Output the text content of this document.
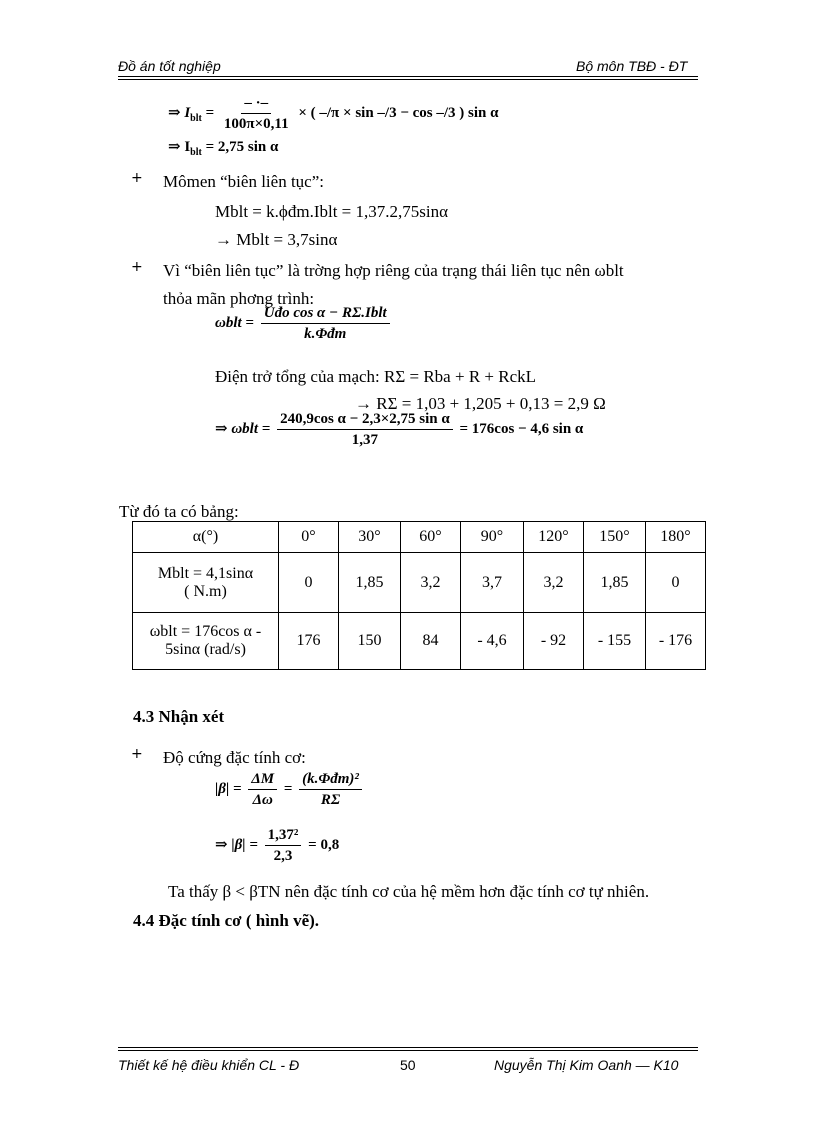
Đồ án tốt nghiệp	Bộ môn TBĐ - ĐT
⇒ $I_{blt} = \frac{- \cdot-}{100\pi\times 0,11}$ × ( –/π × sin –/3 − cos –/3 ) sin α
⇒ $I_{blt} = 2,75$ sin α
+ Mômen “biên liên tục”:
Mblt = k.ϕđm.Iblt = 1,37.2,75sinα
→ Mblt = 3,7sinα
+ Vì “biên liên tục” là trờng hợp riêng của trạng thái liên tục nên ωblt
thỏa mãn phơng trình:
$\omega blt = \frac{\text{Uđo cos α − RΣ.Iblt}}{\text{k.Φđm}}$
Điện trở tổng của mạch: RΣ = Rba + R + RckL
→ RΣ = 1,03 + 1,205 + 0,13 = 2,9 Ω
⇒ $\omega blt = \frac{\text{240,9cos α − 2,3×2,75 sin α}}{1,37} = 176\cos - 4,6$ sin α
Từ đó ta có bảng:
α(°)	0°	30°	60°	90°	120°	150°	180°

Mblt = 4,1sinα
( N.m)	0	1,85	3,2	3,7	3,2	1,85	0

ωblt = 176cos α -
5sinα (rad/s)	176	150	84	- 4,6	- 92	- 155	- 176
4.3 Nhận xét
+ Độ cứng đặc tính cơ:
$|\beta| = \frac{\Delta M}{\Delta\omega} = \frac{\text{(k.Φđm)²}}{R\Sigma}$
⇒ $|\beta| = \frac{\text{1,37²}}{2,3} = 0,8$
Ta thấy β < βTN nên đặc tính cơ của hệ mềm hơn đặc tính cơ tự nhiên.
4.4 Đặc tính cơ ( hình vẽ).
Thiết kế hệ điều khiển CL - Đ	50	Nguyễn Thị Kim Oanh — K10
